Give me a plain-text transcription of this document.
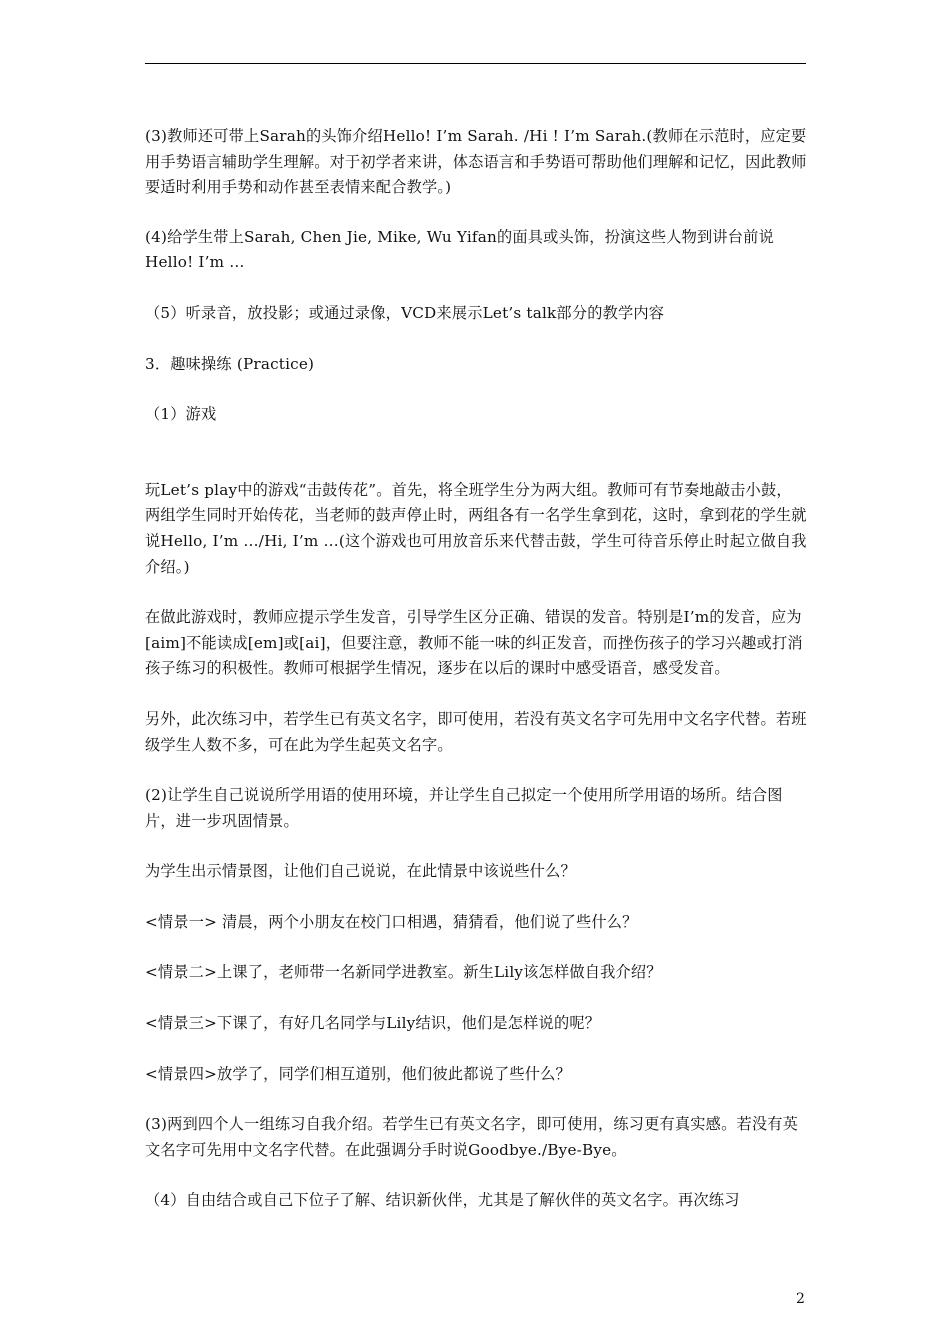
(3)教师还可带上Sarah的头饰介绍Hello! I’m Sarah. /Hi ! I’m Sarah.(教师在示范时，应定要用手势语言辅助学生理解。对于初学者来讲，体态语言和手势语可帮助他们理解和记忆，因此教师要适时利用手势和动作甚至表情来配合教学。)

(4)给学生带上Sarah, Chen Jie, Mike, Wu Yifan的面具或头饰，扮演这些人物到讲台前说Hello! I’m …

（5）听录音，放投影；或通过录像，VCD来展示Let’s talk部分的教学内容

3．趣味操练 (Practice)

（1）游戏

玩Let’s play中的游戏“击鼓传花”。首先，将全班学生分为两大组。教师可有节奏地敲击小鼓，两组学生同时开始传花，当老师的鼓声停止时，两组各有一名学生拿到花，这时，拿到花的学生就说Hello, I’m …/Hi, I’m …(这个游戏也可用放音乐来代替击鼓，学生可待音乐停止时起立做自我介绍。)

在做此游戏时，教师应提示学生发音，引导学生区分正确、错误的发音。特别是I’m的发音，应为[aim]不能读成[em]或[ai]，但要注意，教师不能一味的纠正发音，而挫伤孩子的学习兴趣或打消孩子练习的积极性。教师可根据学生情况，逐步在以后的课时中感受语音，感受发音。

另外，此次练习中，若学生已有英文名字，即可使用，若没有英文名字可先用中文名字代替。若班级学生人数不多，可在此为学生起英文名字。

(2)让学生自己说说所学用语的使用环境，并让学生自己拟定一个使用所学用语的场所。结合图片，进一步巩固情景。

为学生出示情景图，让他们自己说说，在此情景中该说些什么？

<情景一> 清晨，两个小朋友在校门口相遇，猜猜看，他们说了些什么？

<情景二>上课了，老师带一名新同学进教室。新生Lily该怎样做自我介绍？

<情景三>下课了，有好几名同学与Lily结识，他们是怎样说的呢？

<情景四>放学了，同学们相互道别，他们彼此都说了些什么？

(3)两到四个人一组练习自我介绍。若学生已有英文名字，即可使用，练习更有真实感。若没有英文名字可先用中文名字代替。在此强调分手时说Goodbye./Bye-Bye。

（4）自由结合或自己下位子了解、结识新伙伴，尤其是了解伙伴的英文名字。再次练习

2
